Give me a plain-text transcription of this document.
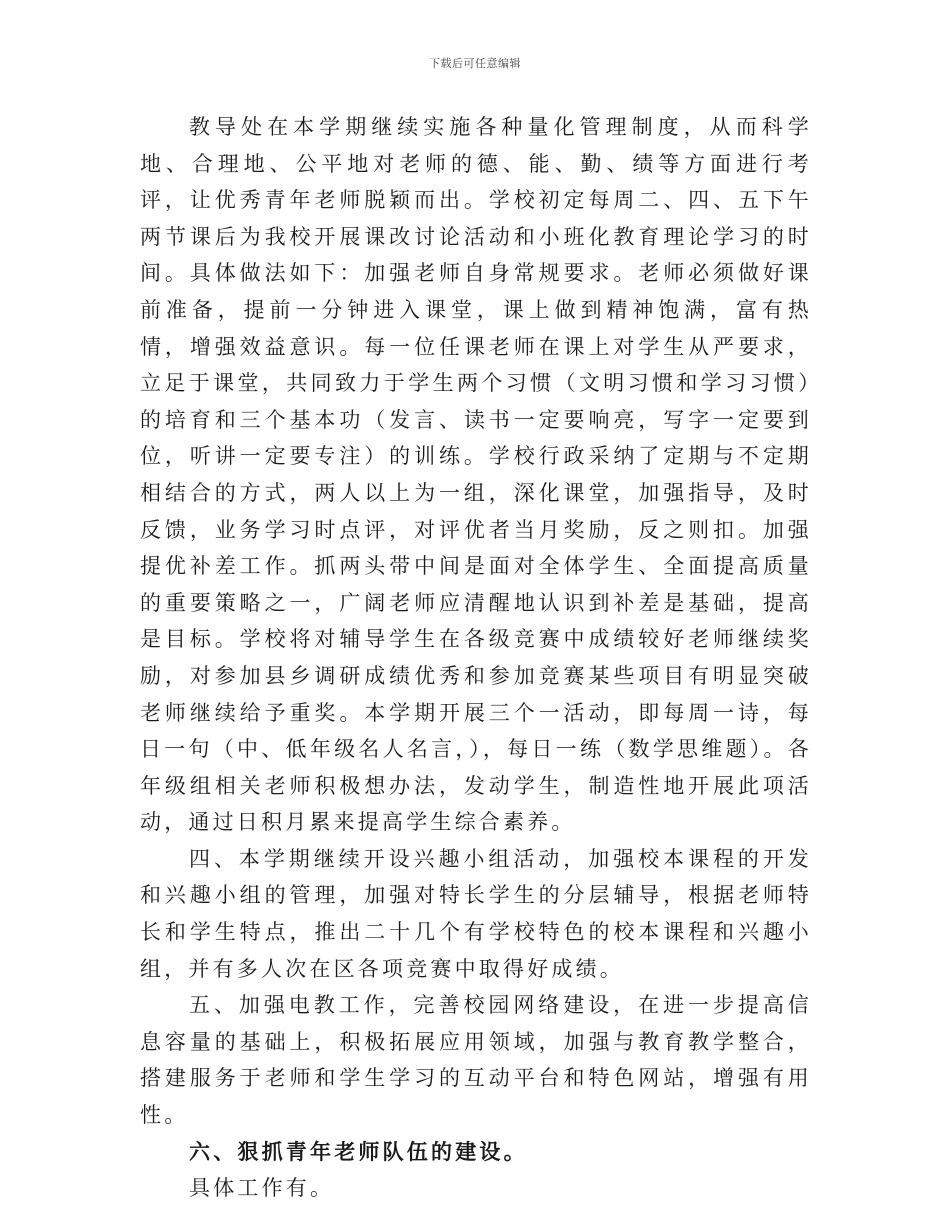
下载后可任意编辑

教导处在本学期继续实施各种量化管理制度，从而科学地、合理地、公平地对老师的德、能、勤、绩等方面进行考评，让优秀青年老师脱颖而出。学校初定每周二、四、五下午两节课后为我校开展课改讨论活动和小班化教育理论学习的时间。具体做法如下：加强老师自身常规要求。老师必须做好课前准备，提前一分钟进入课堂，课上做到精神饱满，富有热情，增强效益意识。每一位任课老师在课上对学生从严要求，立足于课堂，共同致力于学生两个习惯（文明习惯和学习习惯）的培育和三个基本功（发言、读书一定要响亮，写字一定要到位，听讲一定要专注）的训练。学校行政采纳了定期与不定期相结合的方式，两人以上为一组，深化课堂，加强指导，及时反馈，业务学习时点评，对评优者当月奖励，反之则扣。加强提优补差工作。抓两头带中间是面对全体学生、全面提高质量的重要策略之一，广阔老师应清醒地认识到补差是基础，提高是目标。学校将对辅导学生在各级竞赛中成绩较好老师继续奖励，对参加县乡调研成绩优秀和参加竞赛某些项目有明显突破老师继续给予重奖。本学期开展三个一活动，即每周一诗，每日一句（中、低年级名人名言，），每日一练（数学思维题）。各年级组相关老师积极想办法，发动学生，制造性地开展此项活动，通过日积月累来提高学生综合素养。

四、本学期继续开设兴趣小组活动，加强校本课程的开发和兴趣小组的管理，加强对特长学生的分层辅导，根据老师特长和学生特点，推出二十几个有学校特色的校本课程和兴趣小组，并有多人次在区各项竞赛中取得好成绩。

五、加强电教工作，完善校园网络建设，在进一步提高信息容量的基础上，积极拓展应用领域，加强与教育教学整合，搭建服务于老师和学生学习的互动平台和特色网站，增强有用性。

六、狠抓青年老师队伍的建设。

具体工作有。
